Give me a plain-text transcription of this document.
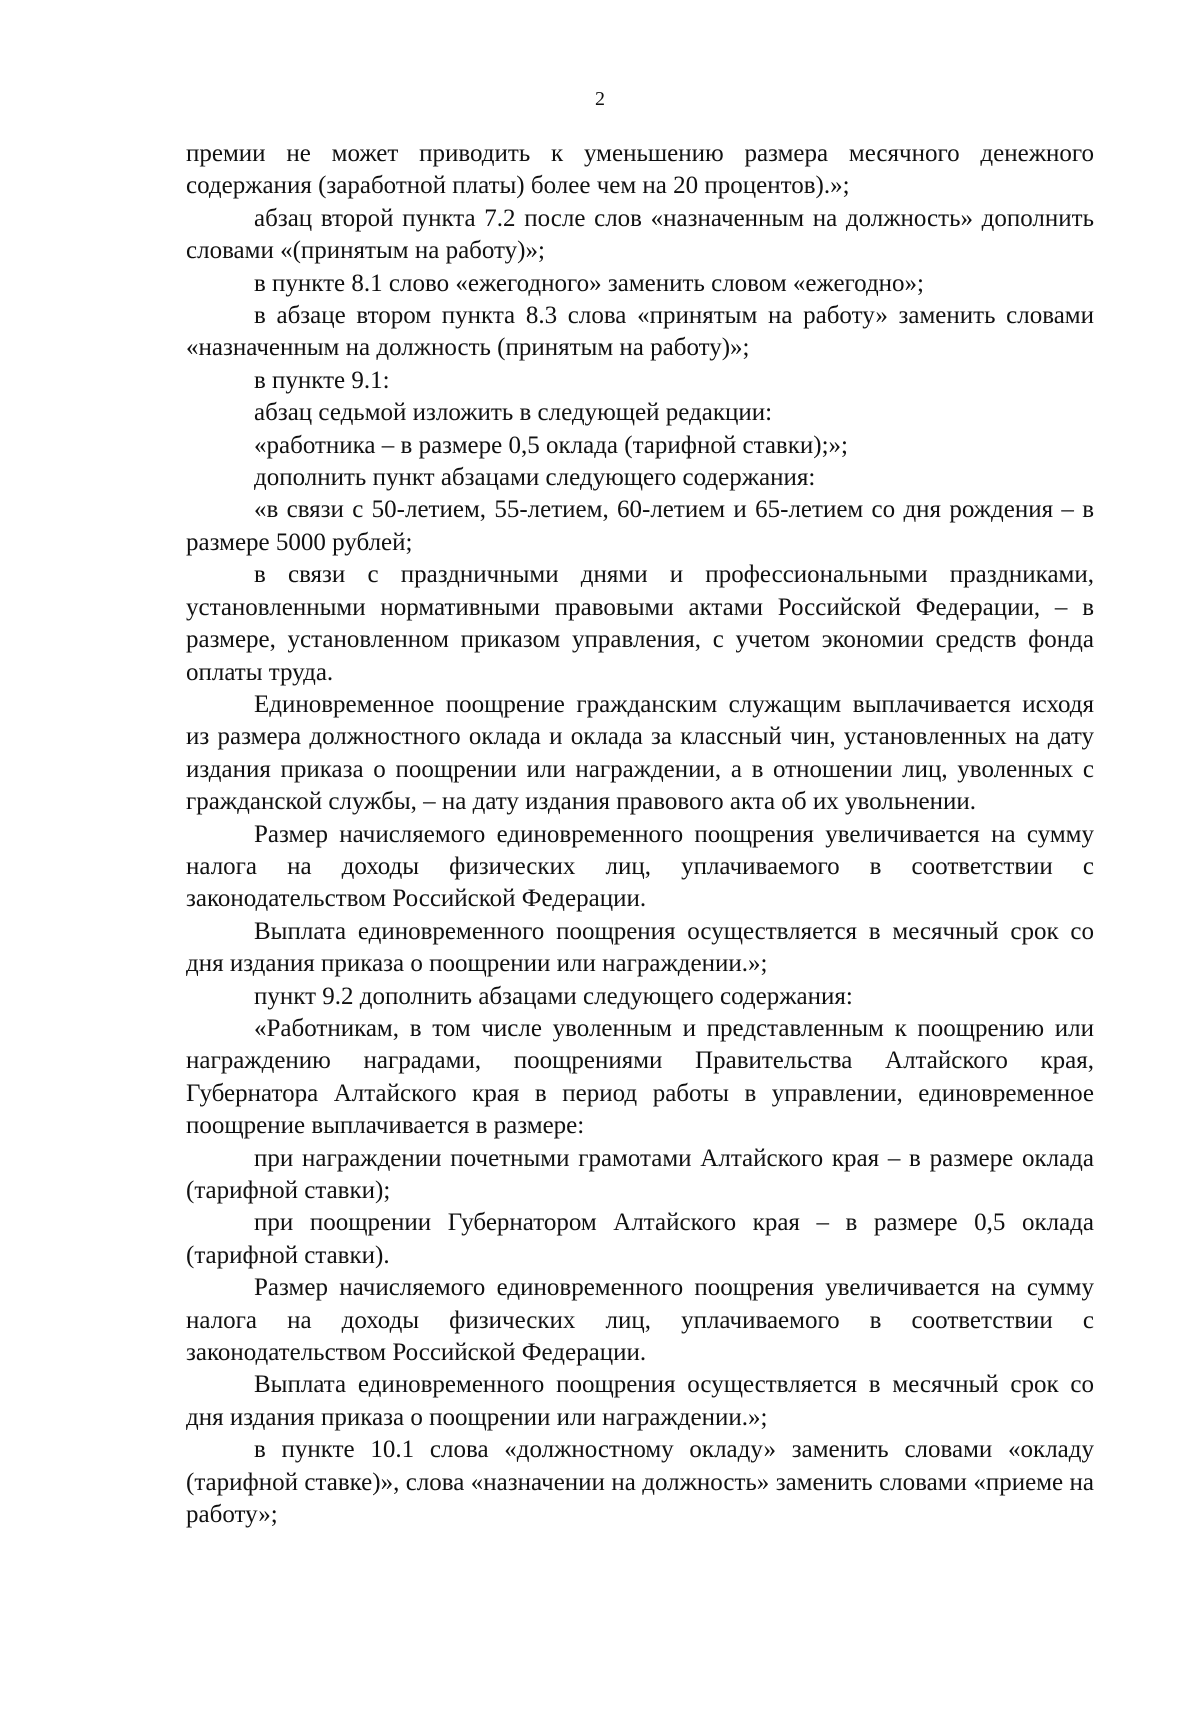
2

премии не может приводить к уменьшению размера месячного денежного содержания (заработной платы) более чем на 20 процентов).»;

абзац второй пункта 7.2 после слов «назначенным на должность» дополнить словами «(принятым на работу)»;

в пункте 8.1 слово «ежегодного» заменить словом «ежегодно»;

в абзаце втором пункта 8.3 слова «принятым на работу» заменить словами «назначенным на должность (принятым на работу)»;

в пункте 9.1:

абзац седьмой изложить в следующей редакции:

«работника – в размере 0,5 оклада (тарифной ставки);»;

дополнить пункт абзацами следующего содержания:

«в связи с 50-летием, 55-летием, 60-летием и 65-летием со дня рождения – в размере 5000 рублей;

в связи с праздничными днями и профессиональными праздниками, установленными нормативными правовыми актами Российской Федерации, – в размере, установленном приказом управления, с учетом экономии средств фонда оплаты труда.

Единовременное поощрение гражданским служащим выплачивается исходя из размера должностного оклада и оклада за классный чин, установленных на дату издания приказа о поощрении или награждении, а в отношении лиц, уволенных с гражданской службы, – на дату издания правового акта об их увольнении.

Размер начисляемого единовременного поощрения увеличивается на сумму налога на доходы физических лиц, уплачиваемого в соответствии с законодательством Российской Федерации.

Выплата единовременного поощрения осуществляется в месячный срок со дня издания приказа о поощрении или награждении.»;

пункт 9.2 дополнить абзацами следующего содержания:

«Работникам, в том числе уволенным и представленным к поощрению или награждению наградами, поощрениями Правительства Алтайского края, Губернатора Алтайского края в период работы в управлении, единовременное поощрение выплачивается в размере:

при награждении почетными грамотами Алтайского края – в размере оклада (тарифной ставки);

при поощрении Губернатором Алтайского края – в размере 0,5 оклада (тарифной ставки).

Размер начисляемого единовременного поощрения увеличивается на сумму налога на доходы физических лиц, уплачиваемого в соответствии с законодательством Российской Федерации.

Выплата единовременного поощрения осуществляется в месячный срок со дня издания приказа о поощрении или награждении.»;

в пункте 10.1 слова «должностному окладу» заменить словами «окладу (тарифной ставке)», слова «назначении на должность» заменить словами «приеме на работу»;
